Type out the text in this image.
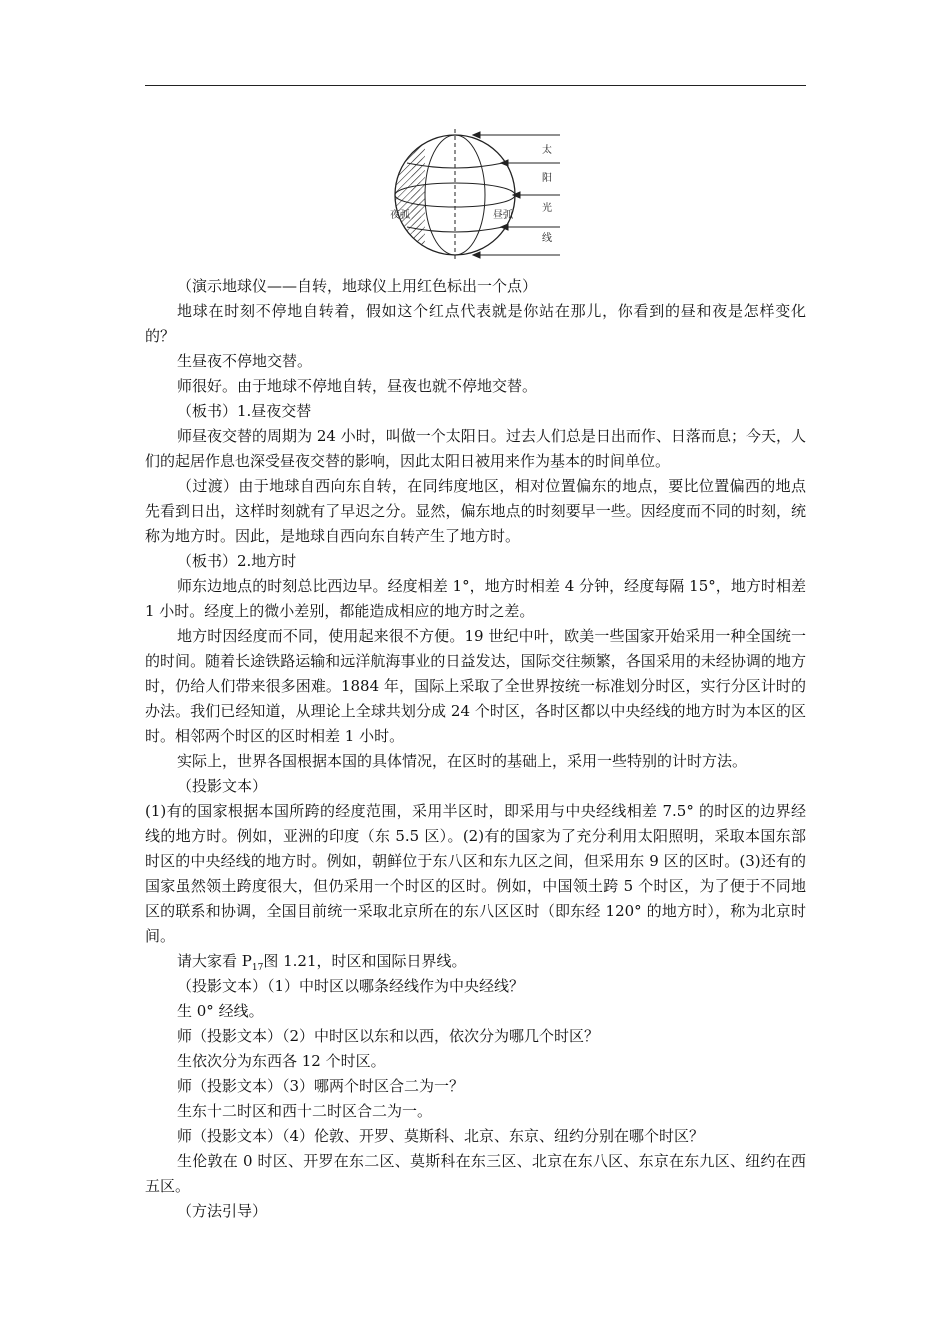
夜弧	昼弧
太
阳
光
线

（演示地球仪——自转，地球仪上用红色标出一个点）

地球在时刻不停地自转着，假如这个红点代表就是你站在那儿，你看到的昼和夜是怎样变化的？

生昼夜不停地交替。

师很好。由于地球不停地自转，昼夜也就不停地交替。

（板书）1.昼夜交替

师昼夜交替的周期为 24 小时，叫做一个太阳日。过去人们总是日出而作、日落而息；今天，人们的起居作息也深受昼夜交替的影响，因此太阳日被用来作为基本的时间单位。

（过渡）由于地球自西向东自转，在同纬度地区，相对位置偏东的地点，要比位置偏西的地点先看到日出，这样时刻就有了早迟之分。显然，偏东地点的时刻要早一些。因经度而不同的时刻，统称为地方时。因此，是地球自西向东自转产生了地方时。

（板书）2.地方时

师东边地点的时刻总比西边早。经度相差 1°，地方时相差 4 分钟，经度每隔 15°，地方时相差 1 小时。经度上的微小差别，都能造成相应的地方时之差。

地方时因经度而不同，使用起来很不方便。19 世纪中叶，欧美一些国家开始采用一种全国统一的时间。随着长途铁路运输和远洋航海事业的日益发达，国际交往频繁，各国采用的未经协调的地方时，仍给人们带来很多困难。1884 年，国际上采取了全世界按统一标准划分时区，实行分区计时的办法。我们已经知道，从理论上全球共划分成 24 个时区，各时区都以中央经线的地方时为本区的区时。相邻两个时区的区时相差 1 小时。

实际上，世界各国根据本国的具体情况，在区时的基础上，采用一些特别的计时方法。

（投影文本）

(1)有的国家根据本国所跨的经度范围，采用半区时，即采用与中央经线相差 7.5° 的时区的边界经线的地方时。例如，亚洲的印度（东 5.5 区）。(2)有的国家为了充分利用太阳照明，采取本国东部时区的中央经线的地方时。例如，朝鲜位于东八区和东九区之间，但采用东 9 区的区时。(3)还有的国家虽然领土跨度很大，但仍采用一个时区的区时。例如，中国领土跨 5 个时区，为了便于不同地区的联系和协调，全国目前统一采取北京所在的东八区区时（即东经 120° 的地方时），称为北京时间。

请大家看 $P_{17}$图 1.21，时区和国际日界线。

（投影文本）（1）中时区以哪条经线作为中央经线？

生 0° 经线。

师（投影文本）（2）中时区以东和以西，依次分为哪几个时区？

生依次分为东西各 12 个时区。

师（投影文本）（3）哪两个时区合二为一？

生东十二时区和西十二时区合二为一。

师（投影文本）（4）伦敦、开罗、莫斯科、北京、东京、纽约分别在哪个时区？

生伦敦在 0 时区、开罗在东二区、莫斯科在东三区、北京在东八区、东京在东九区、纽约在西五区。

（方法引导）
